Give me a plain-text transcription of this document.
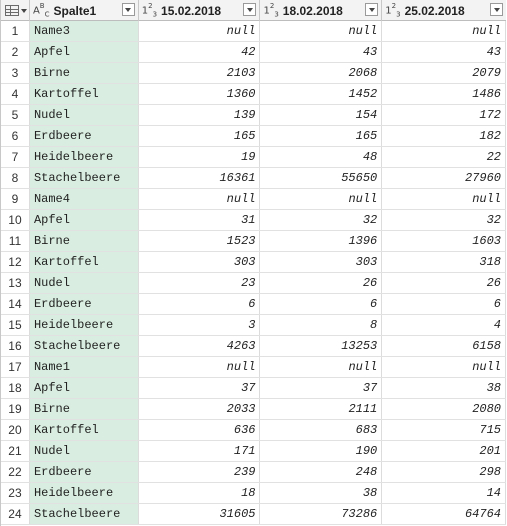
$A^B_C$ Spalte1	$1^2_3$ 15.02.2018	$1^2_3$ 18.02.2018	$1^2_3$ 25.02.2018
1	Name3	null	null	null
2	Apfel	42	43	43
3	Birne	2103	2068	2079
4	Kartoffel	1360	1452	1486
5	Nudel	139	154	172
6	Erdbeere	165	165	182
7	Heidelbeere	19	48	22
8	Stachelbeere	16361	55650	27960
9	Name4	null	null	null
10	Apfel	31	32	32
11	Birne	1523	1396	1603
12	Kartoffel	303	303	318
13	Nudel	23	26	26
14	Erdbeere	6	6	6
15	Heidelbeere	3	8	4
16	Stachelbeere	4263	13253	6158
17	Name1	null	null	null
18	Apfel	37	37	38
19	Birne	2033	2111	2080
20	Kartoffel	636	683	715
21	Nudel	171	190	201
22	Erdbeere	239	248	298
23	Heidelbeere	18	38	14
24	Stachelbeere	31605	73286	64764
